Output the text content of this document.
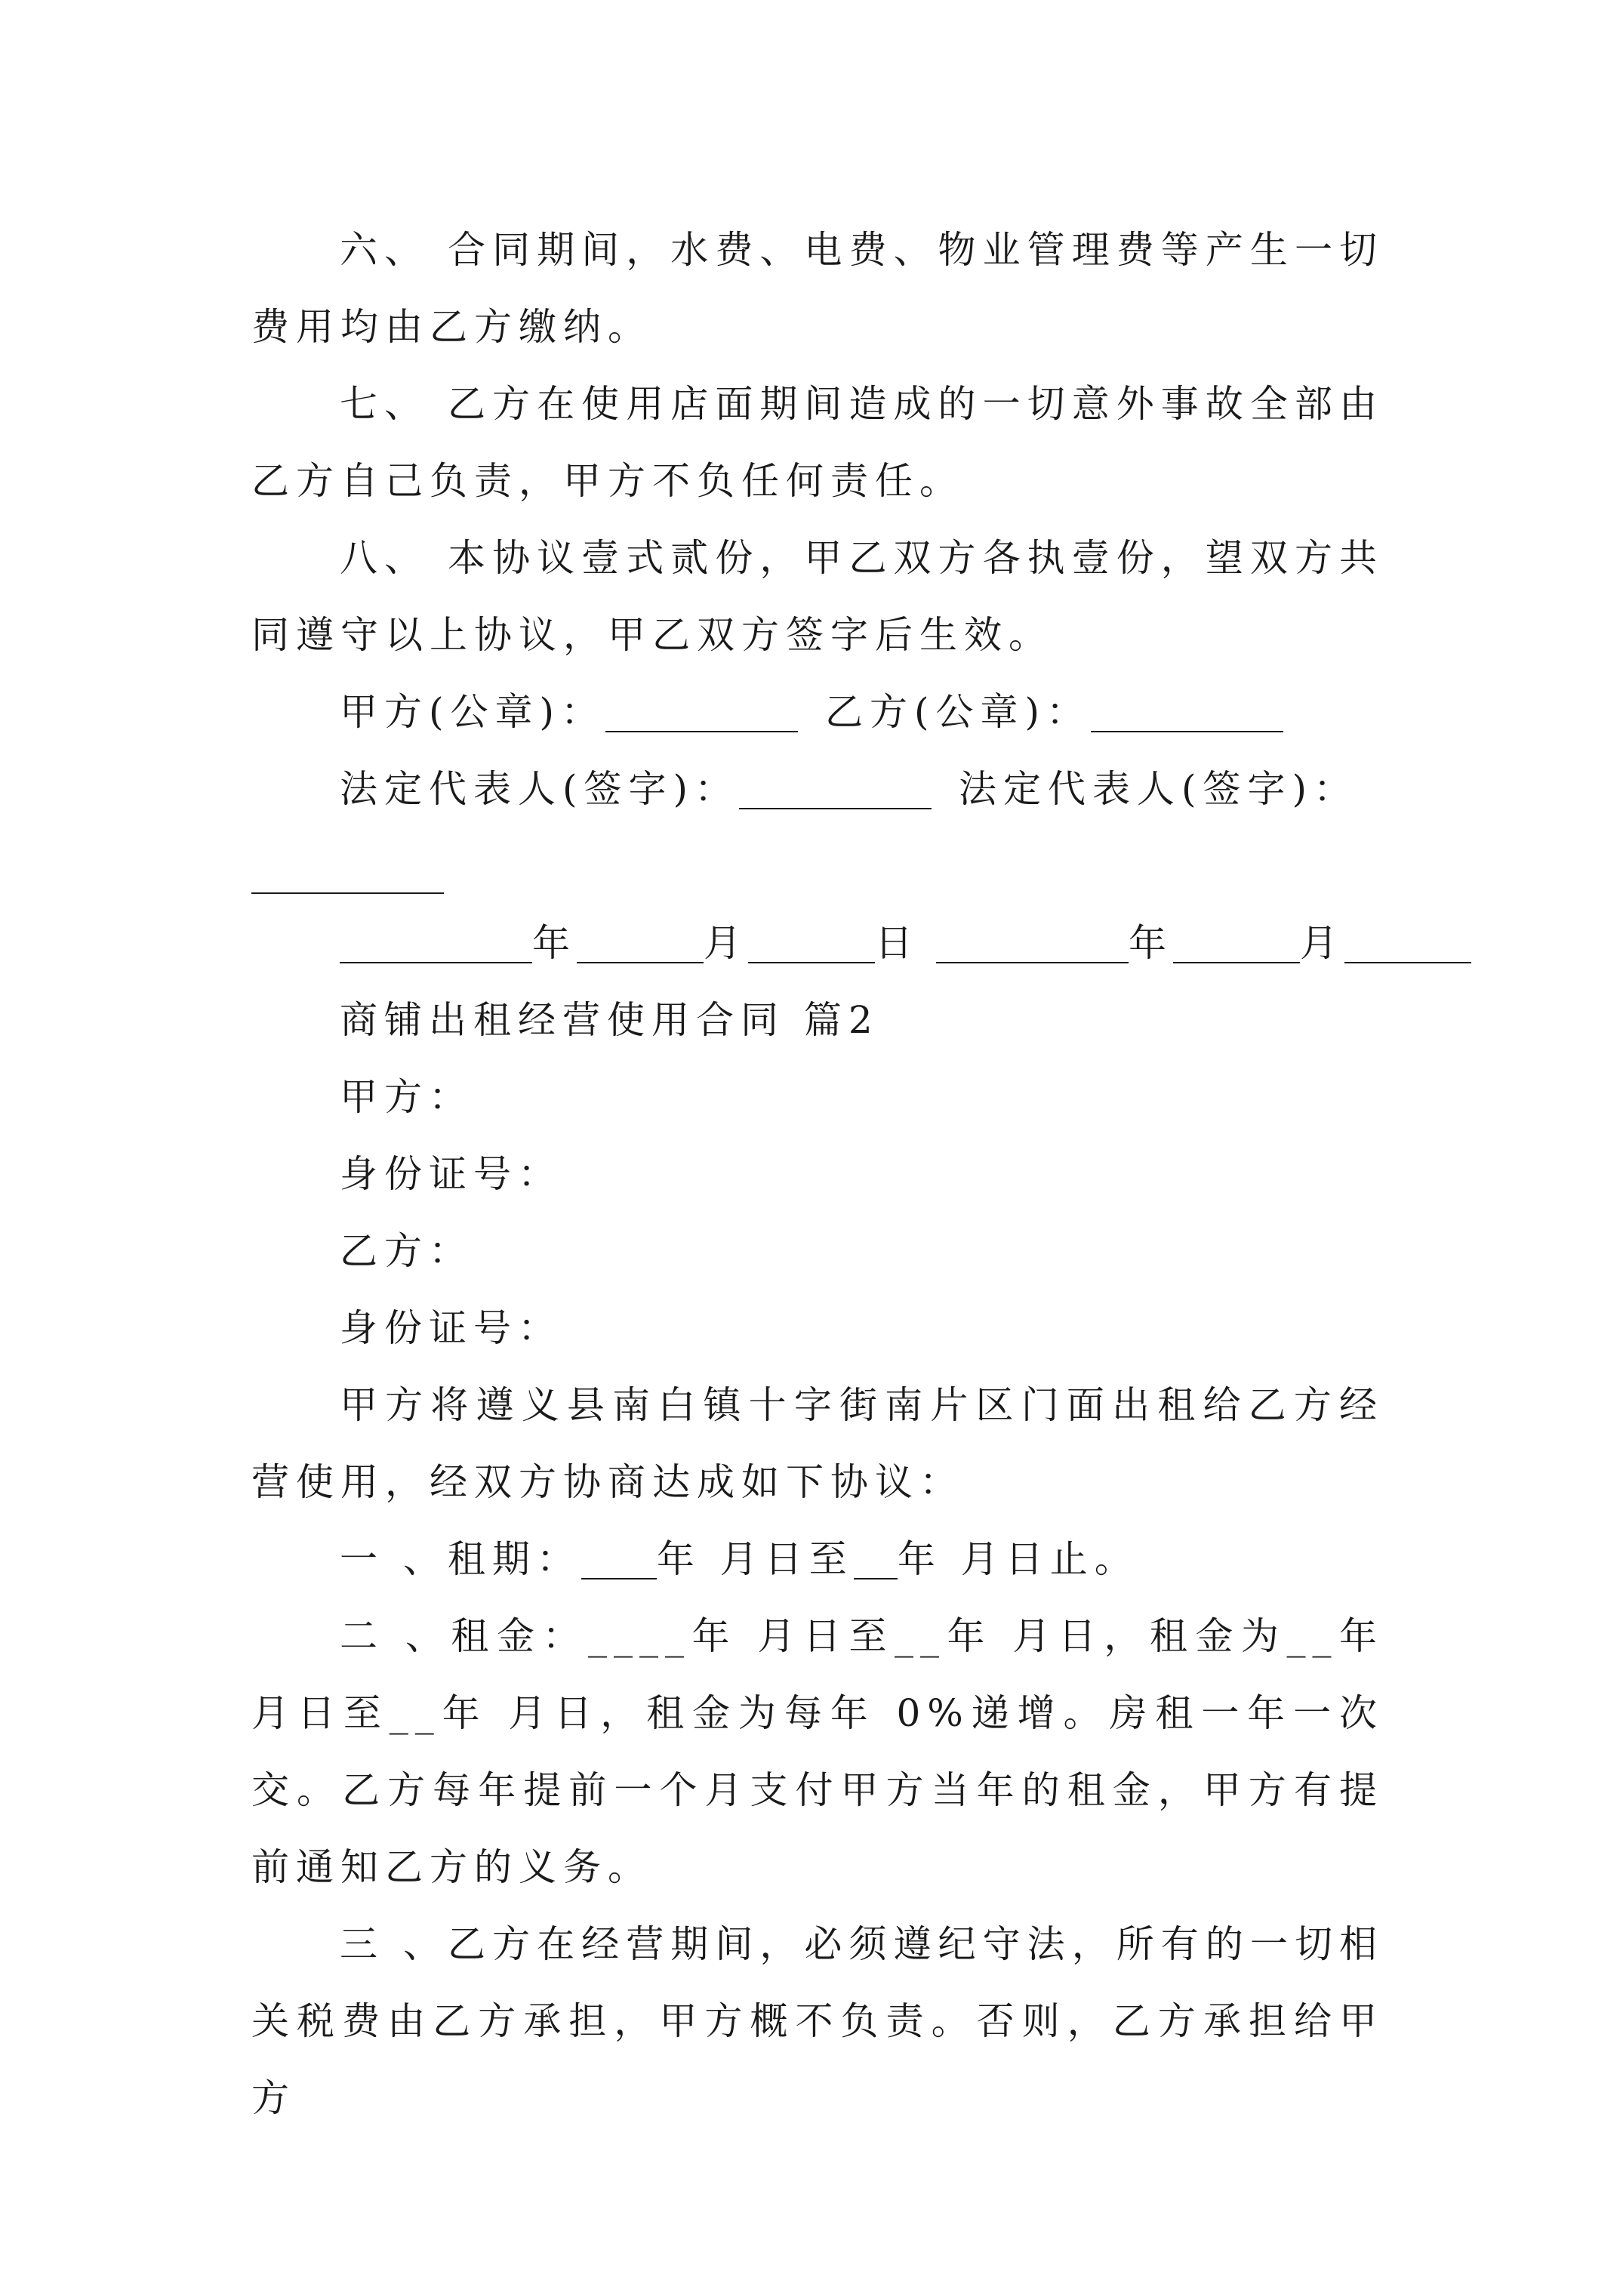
六、 合同期间，水费、电费、物业管理费等产生一切费用均由乙方缴纳。

七、 乙方在使用店面期间造成的一切意外事故全部由乙方自己负责，甲方不负任何责任。

八、 本协议壹式贰份，甲乙双方各执壹份，望双方共同遵守以上协议，甲乙双方签字后生效。

甲方(公章)：	乙方(公章)：

法定代表人(签字)：	法定代表人(签字)：

年	月	日	年	月

商铺出租经营使用合同 篇2

甲方：

身份证号：

乙方：

身份证号：

甲方将遵义县南白镇十字街南片区门面出租给乙方经营使用，经双方协商达成如下协议：

一 、租期： 年 月日至 年 月日止。

二 、租金：____年 月日至__年 月日，租金为__年 月日至__年 月日，租金为每年 0%递增。房租一年一次交。乙方每年提前一个月支付甲方当年的租金，甲方有提前通知乙方的义务。

三 、乙方在经营期间，必须遵纪守法，所有的一切相关税费由乙方承担，甲方概不负责。否则，乙方承担给甲方
